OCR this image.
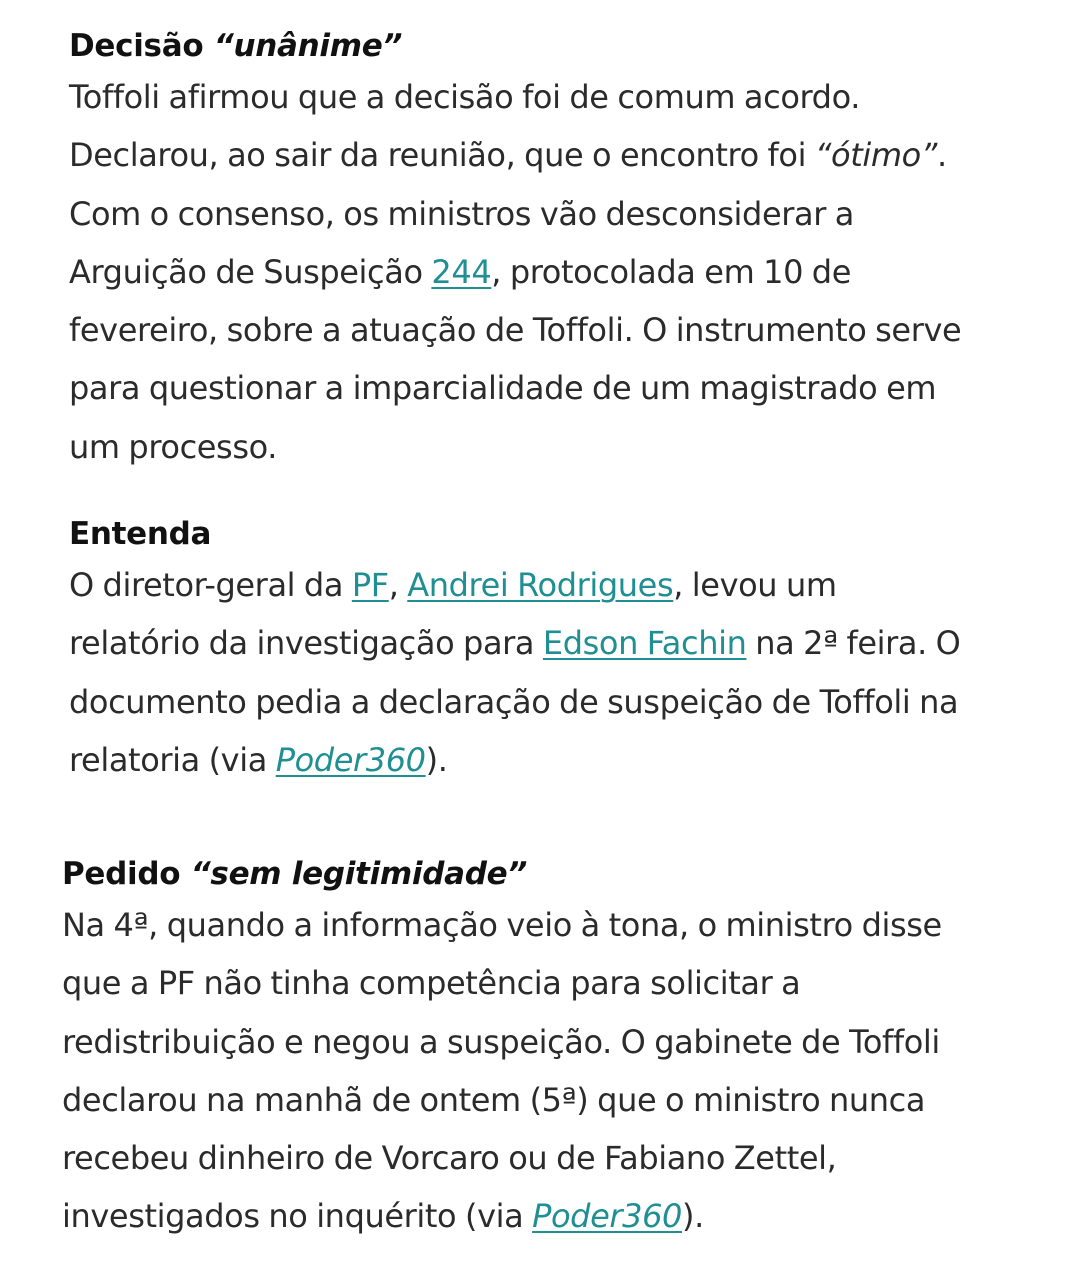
Decisão “unânime”

Toffoli afirmou que a decisão foi de comum acordo.
Declarou, ao sair da reunião, que o encontro foi “ótimo”.
Com o consenso, os ministros vão desconsiderar a
Arguição de Suspeição 244, protocolada em 10 de
fevereiro, sobre a atuação de Toffoli. O instrumento serve
para questionar a imparcialidade de um magistrado em
um processo.

Entenda

O diretor-geral da PF, Andrei Rodrigues, levou um
relatório da investigação para Edson Fachin na 2ª feira. O
documento pedia a declaração de suspeição de Toffoli na
relatoria (via Poder360).

Pedido “sem legitimidade”

Na 4ª, quando a informação veio à tona, o ministro disse
que a PF não tinha competência para solicitar a
redistribuição e negou a suspeição. O gabinete de Toffoli
declarou na manhã de ontem (5ª) que o ministro nunca
recebeu dinheiro de Vorcaro ou de Fabiano Zettel,
investigados no inquérito (via Poder360).
